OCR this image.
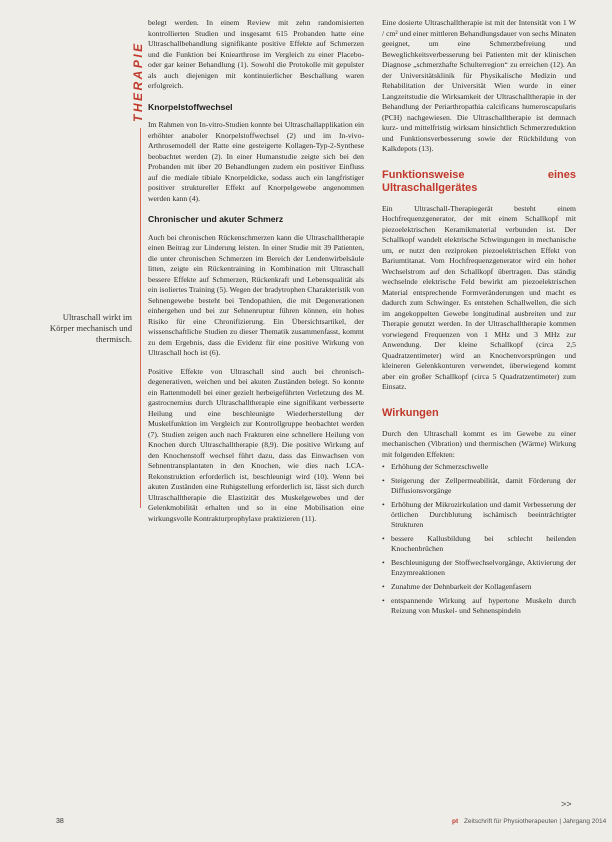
THERAPIE
Ultraschall wirkt im Körper mechanisch und thermisch.

belegt werden. In einem Review mit zehn randomisierten kontrollierten Studien und insgesamt 615 Probanden hatte eine Ultraschallbehandlung signifikante positive Effekte auf Schmerzen und die Funktion bei Kniearthrose im Vergleich zu einer Placebo- oder gar keiner Behandlung (1). Sowohl die Protokolle mit gepulster als auch diejenigen mit kontinuierlicher Beschallung waren erfolgreich.

Knorpelstoffwechsel

Im Rahmen von In-vitro-Studien konnte bei Ultraschallapplikation ein erhöhter anaboler Knorpelstoffwechsel (2) und im In-vivo-Arthrosemodell der Ratte eine gesteigerte Kollagen-Typ-2-Synthese beobachtet werden (2). In einer Humanstudie zeigte sich bei den Probanden mit über 20 Behandlungen zudem ein positiver Einfluss auf die mediale tibiale Knorpeldicke, sodass auch ein langfristiger positiver struktureller Effekt auf Knorpelgewebe angenommen werden kann (4).

Chronischer und akuter Schmerz

Auch bei chronischen Rückenschmerzen kann die Ultraschalltherapie einen Beitrag zur Linderung leisten. In einer Studie mit 39 Patienten, die unter chronischen Schmerzen im Bereich der Lendenwirbelsäule litten, zeigte ein Rückentraining in Kombination mit Ultraschall bessere Effekte auf Schmerzen, Rückenkraft und Lebensqualität als ein isoliertes Training (5). Wegen der bradytrophen Charakteristik von Sehnengewebe besteht bei Tendopathien, die mit Degenerationen einhergehen und bei zur Sehnenruptur führen können, ein hohes Risiko für eine Chronifizierung. Ein Übersichtsartikel, der wissenschaftliche Studien zu dieser Thematik zusammenfasst, kommt zu dem Ergebnis, dass die Evidenz für eine positive Wirkung von Ultraschall hoch ist (6).

Positive Effekte von Ultraschall sind auch bei chronisch-degenerativen, weichen und bei akuten Zuständen belegt. So konnte ein Rattenmodell bei einer gezielt herbeigeführten Verletzung des M. gastrocnemius durch Ultraschalltherapie eine signifikant verbesserte Heilung und eine beschleunigte Wiederherstellung der Muskelfunktion im Vergleich zur Kontrollgruppe beobachtet werden (7). Studien zeigen auch nach Frakturen eine schnellere Heilung von Knochen durch Ultraschalltherapie (8,9). Die positive Wirkung auf den Knochenstoff wechsel führt dazu, dass das Einwachsen von Sehnentransplantaten in den Knochen, wie dies nach LCA-Rekonstruktion erforderlich ist, beschleunigt wird (10). Wenn bei akuten Zuständen eine Ruhigstellung erforderlich ist, lässt sich durch Ultraschalltherapie die Elastizität des Muskelgewebes und der Gelenkmobilität erhalten und so in eine Mobilisation eine wirkungsvolle Kontrakturprophylaxe praktizieren (11).

Eine dosierte Ultraschalltherapie ist mit der Intensität von 1 W / cm² und einer mittleren Behandlungsdauer von sechs Minaten geeignet, um eine Schmerzbefreiung und Beweglichkeitsverbesserung bei Patienten mit der klinischen Diagnose „schmerzhafte Schulterregion“ zu erreichen (12). An der Universitätsklinik für Physikalische Medizin und Rehabilitation der Universität Wien wurde in einer Langzeitstudie die Wirksamkeit der Ultraschalltherapie in der Behandlung der Periarthropathia calcificans humeroscapularis (PCH) nachgewiesen. Die Ultraschalltherapie ist demnach kurz- und mittelfristig wirksam hinsichtlich Schmerzreduktion und Funktionsverbesserung sowie der Rückbildung von Kalkdepots (13).

Funktionsweise eines Ultraschallgerätes

Ein Ultraschall-Therapiegerät besteht einem Hochfrequenzgenerator, der mit einem Schallkopf mit piezoelektrischen Keramikmaterial verbunden ist. Der Schallkopf wandelt elektrische Schwingungen in mechanische um, er nutzt den reziproken piezoelektrischen Effekt von Bariumtitanat. Vom Hochfrequenzgenerator wird ein hoher Wechselstrom auf den Schallkopf übertragen. Das ständig wechselnde elektrische Feld bewirkt am piezoelektrischen Material entsprechende Formveränderungen und macht es dadurch zum Schwinger. Es entstehen Schallwellen, die sich im angekoppelten Gewebe longitudinal ausbreiten und zur Therapie genutzt werden. In der Ultraschalltherapie kommen vorwiegend Frequenzen von 1 MHz und 3 MHz zur Anwendung. Der kleine Schallkopf (circa 2,5 Quadratzentimeter) wird an Knochenvorsprüngen und kleineren Gelenkkonturen verwendet, überwiegend kommt aber ein großer Schallkopf (circa 5 Quadratzentimeter) zum Einsatz.

Wirkungen

Durch den Ultraschall kommt es im Gewebe zu einer mechanischen (Vibration) und thermischen (Wärme) Wirkung mit folgenden Effekten:

• Erhöhung der Schmerzschwelle
• Steigerung der Zellpermeabilität, damit Förderung der Diffusionsvorgänge
• Erhöhung der Mikrozirkulation und damit Verbesserung der örtlichen Durchblutung ischämisch beeinträchtigter Strukturen
• bessere Kallusbildung bei schlecht heilenden Knochenbrüchen
• Beschleunigung der Stoffwechselvorgänge, Aktivierung der Enzymreaktionen
• Zunahme der Dehnbarkeit der Kollagenfasern
• entspannende Wirkung auf hypertone Muskeln durch Reizung von Muskel- und Sehnenspindeln
>>
38	pt Zeitschrift für Physiotherapeuten | Jahrgang 2014
